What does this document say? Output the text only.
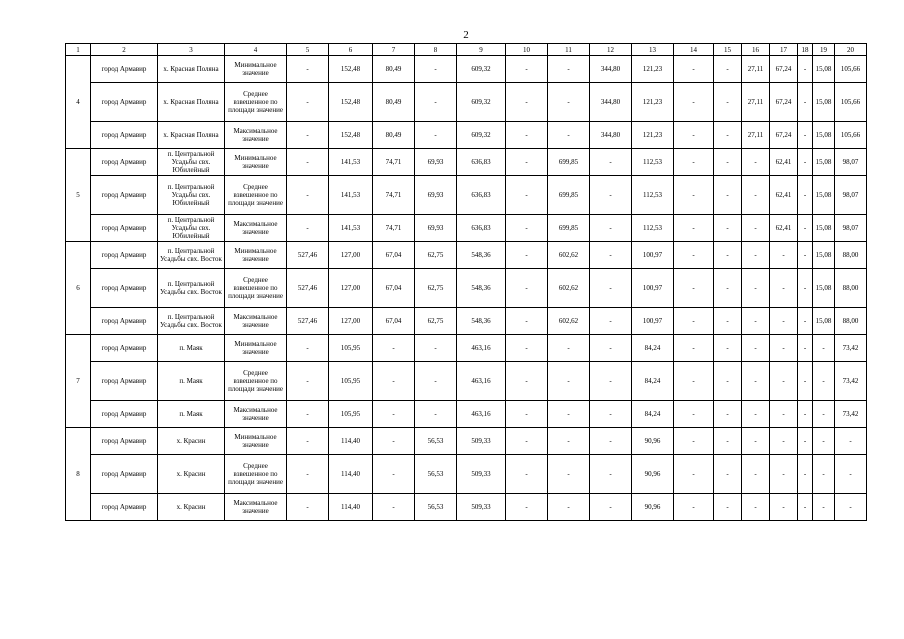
2
1	2	3	4	5	6	7	8	9	10	11	12	13	14	15	16	17	18	19	20
4	город Армавир	х. Красная Поляна	Минимальное значение	-	152,48	80,49	-	609,32	-	-	344,80	121,23	-	-	27,11	67,24	-	15,08	105,66
	город Армавир	х. Красная Поляна	Среднее взвешенное по площади значение	-	152,48	80,49	-	609,32	-	-	344,80	121,23	-	-	27,11	67,24	-	15,08	105,66
	город Армавир	х. Красная Поляна	Максимальное значение	-	152,48	80,49	-	609,32	-	-	344,80	121,23	-	-	27,11	67,24	-	15,08	105,66
5	город Армавир	п. Центральной Усадьбы свх. Юбилейный	Минимальное значение	-	141,53	74,71	69,93	636,83	-	699,85	-	112,53	-	-	-	62,41	-	15,08	98,07
	город Армавир	п. Центральной Усадьбы свх. Юбилейный	Среднее взвешенное по площади значение	-	141,53	74,71	69,93	636,83	-	699,85	-	112,53	-	-	-	62,41	-	15,08	98,07
	город Армавир	п. Центральной Усадьбы свх. Юбилейный	Максимальное значение	-	141,53	74,71	69,93	636,83	-	699,85	-	112,53	-	-	-	62,41	-	15,08	98,07
6	город Армавир	п. Центральной Усадьбы свх. Восток	Минимальное значение	527,46	127,00	67,04	62,75	548,36	-	602,62	-	100,97	-	-	-	-	-	15,08	88,00
	город Армавир	п. Центральной Усадьбы свх. Восток	Среднее взвешенное по площади значение	527,46	127,00	67,04	62,75	548,36	-	602,62	-	100,97	-	-	-	-	-	15,08	88,00
	город Армавир	п. Центральной Усадьбы свх. Восток	Максимальное значение	527,46	127,00	67,04	62,75	548,36	-	602,62	-	100,97	-	-	-	-	-	15,08	88,00
7	город Армавир	п. Маяк	Минимальное значение	-	105,95	-	-	463,16	-	-	-	84,24	-	-	-	-	-	-	73,42
	город Армавир	п. Маяк	Среднее взвешенное по площади значение	-	105,95	-	-	463,16	-	-	-	84,24	-	-	-	-	-	-	73,42
	город Армавир	п. Маяк	Максимальное значение	-	105,95	-	-	463,16	-	-	-	84,24	-	-	-	-	-	-	73,42
8	город Армавир	х. Красин	Минимальное значение	-	114,40	-	56,53	509,33	-	-	-	90,96	-	-	-	-	-	-	-
	город Армавир	х. Красин	Среднее взвешенное по площади значение	-	114,40	-	56,53	509,33	-	-	-	90,96	-	-	-	-	-	-	-
	город Армавир	х. Красин	Максимальное значение	-	114,40	-	56,53	509,33	-	-	-	90,96	-	-	-	-	-	-	-
